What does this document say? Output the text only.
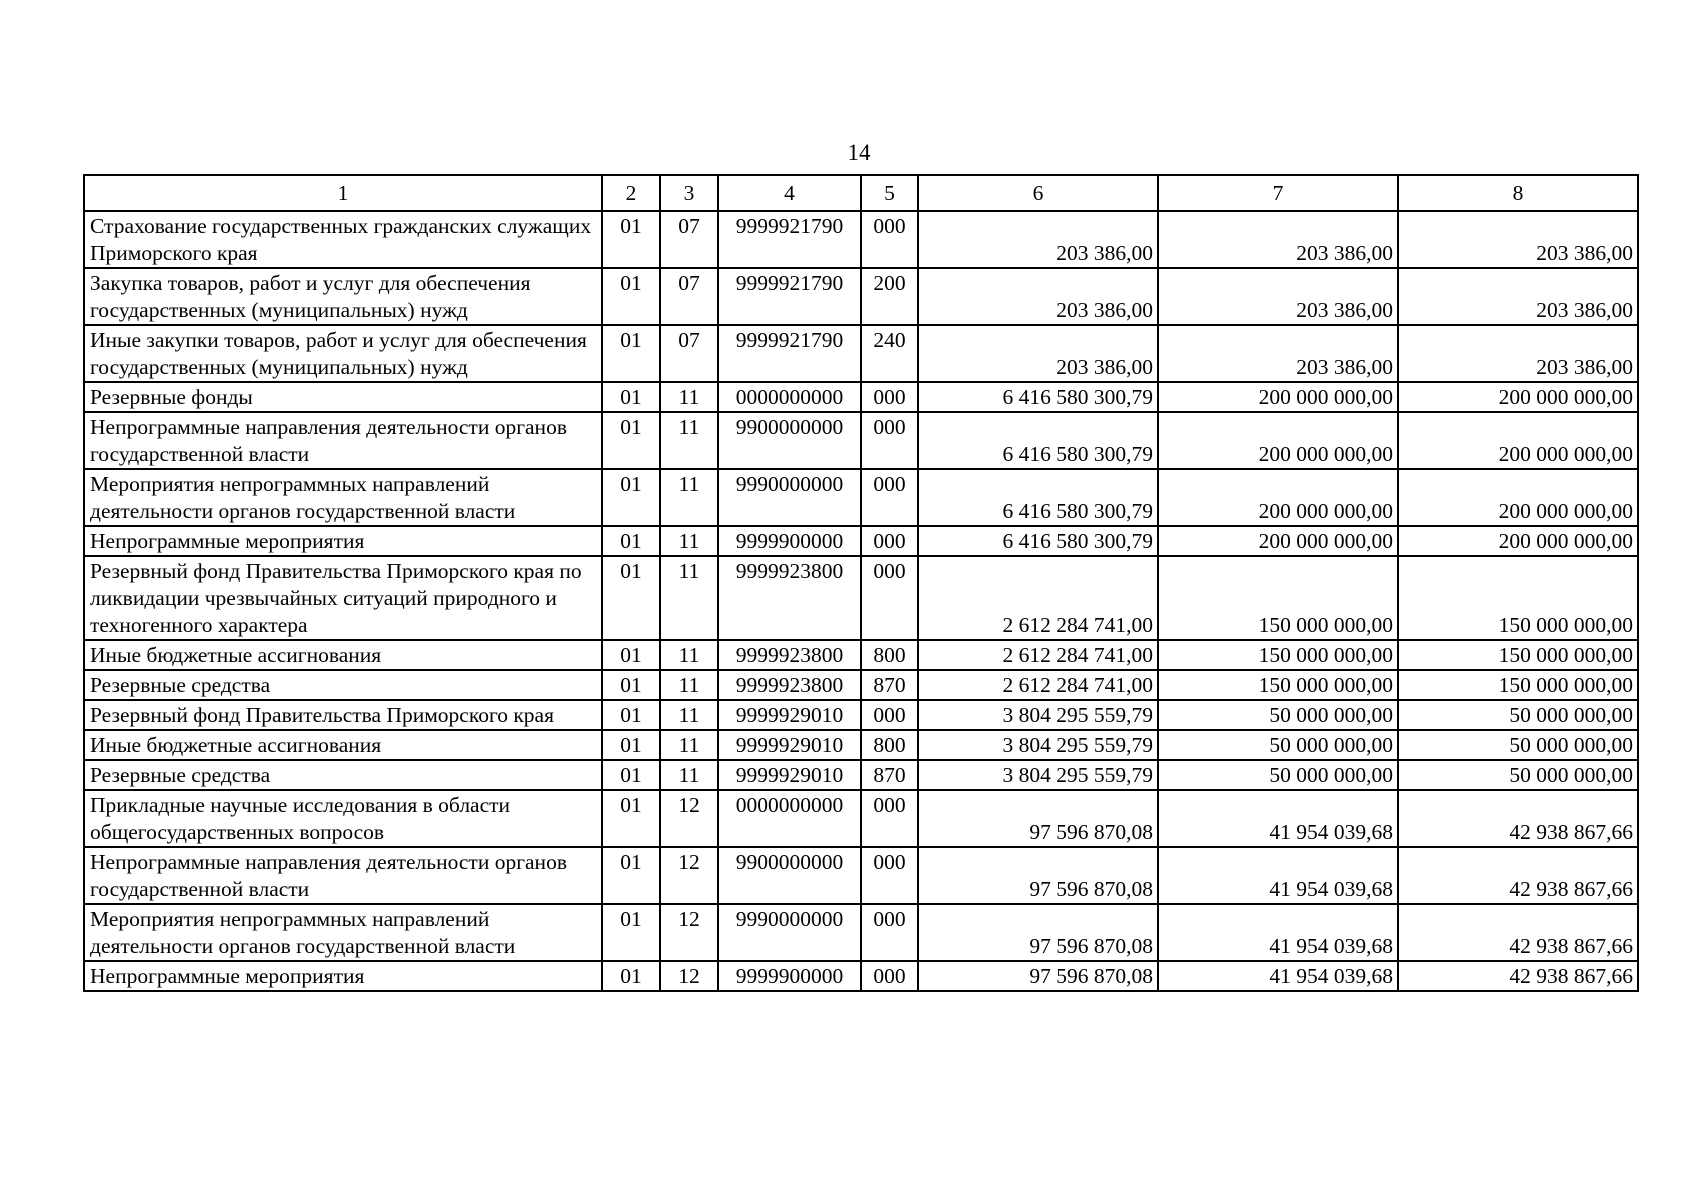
14
1	2	3	4	5	6	7	8
Страхование государственных гражданских служащих Приморского края	01	07	9999921790	000	203 386,00	203 386,00	203 386,00
Закупка товаров, работ и услуг для обеспечения государственных (муниципальных) нужд	01	07	9999921790	200	203 386,00	203 386,00	203 386,00
Иные закупки товаров, работ и услуг для обеспечения государственных (муниципальных) нужд	01	07	9999921790	240	203 386,00	203 386,00	203 386,00
Резервные фонды	01	11	0000000000	000	6 416 580 300,79	200 000 000,00	200 000 000,00
Непрограммные направления деятельности органов государственной власти	01	11	9900000000	000	6 416 580 300,79	200 000 000,00	200 000 000,00
Мероприятия непрограммных направлений деятельности органов государственной власти	01	11	9990000000	000	6 416 580 300,79	200 000 000,00	200 000 000,00
Непрограммные мероприятия	01	11	9999900000	000	6 416 580 300,79	200 000 000,00	200 000 000,00
Резервный фонд Правительства Приморского края по ликвидации чрезвычайных ситуаций природного и техногенного характера	01	11	9999923800	000	2 612 284 741,00	150 000 000,00	150 000 000,00
Иные бюджетные ассигнования	01	11	9999923800	800	2 612 284 741,00	150 000 000,00	150 000 000,00
Резервные средства	01	11	9999923800	870	2 612 284 741,00	150 000 000,00	150 000 000,00
Резервный фонд Правительства Приморского края	01	11	9999929010	000	3 804 295 559,79	50 000 000,00	50 000 000,00
Иные бюджетные ассигнования	01	11	9999929010	800	3 804 295 559,79	50 000 000,00	50 000 000,00
Резервные средства	01	11	9999929010	870	3 804 295 559,79	50 000 000,00	50 000 000,00
Прикладные научные исследования в области общегосударственных вопросов	01	12	0000000000	000	97 596 870,08	41 954 039,68	42 938 867,66
Непрограммные направления деятельности органов государственной власти	01	12	9900000000	000	97 596 870,08	41 954 039,68	42 938 867,66
Мероприятия непрограммных направлений деятельности органов государственной власти	01	12	9990000000	000	97 596 870,08	41 954 039,68	42 938 867,66
Непрограммные мероприятия	01	12	9999900000	000	97 596 870,08	41 954 039,68	42 938 867,66
